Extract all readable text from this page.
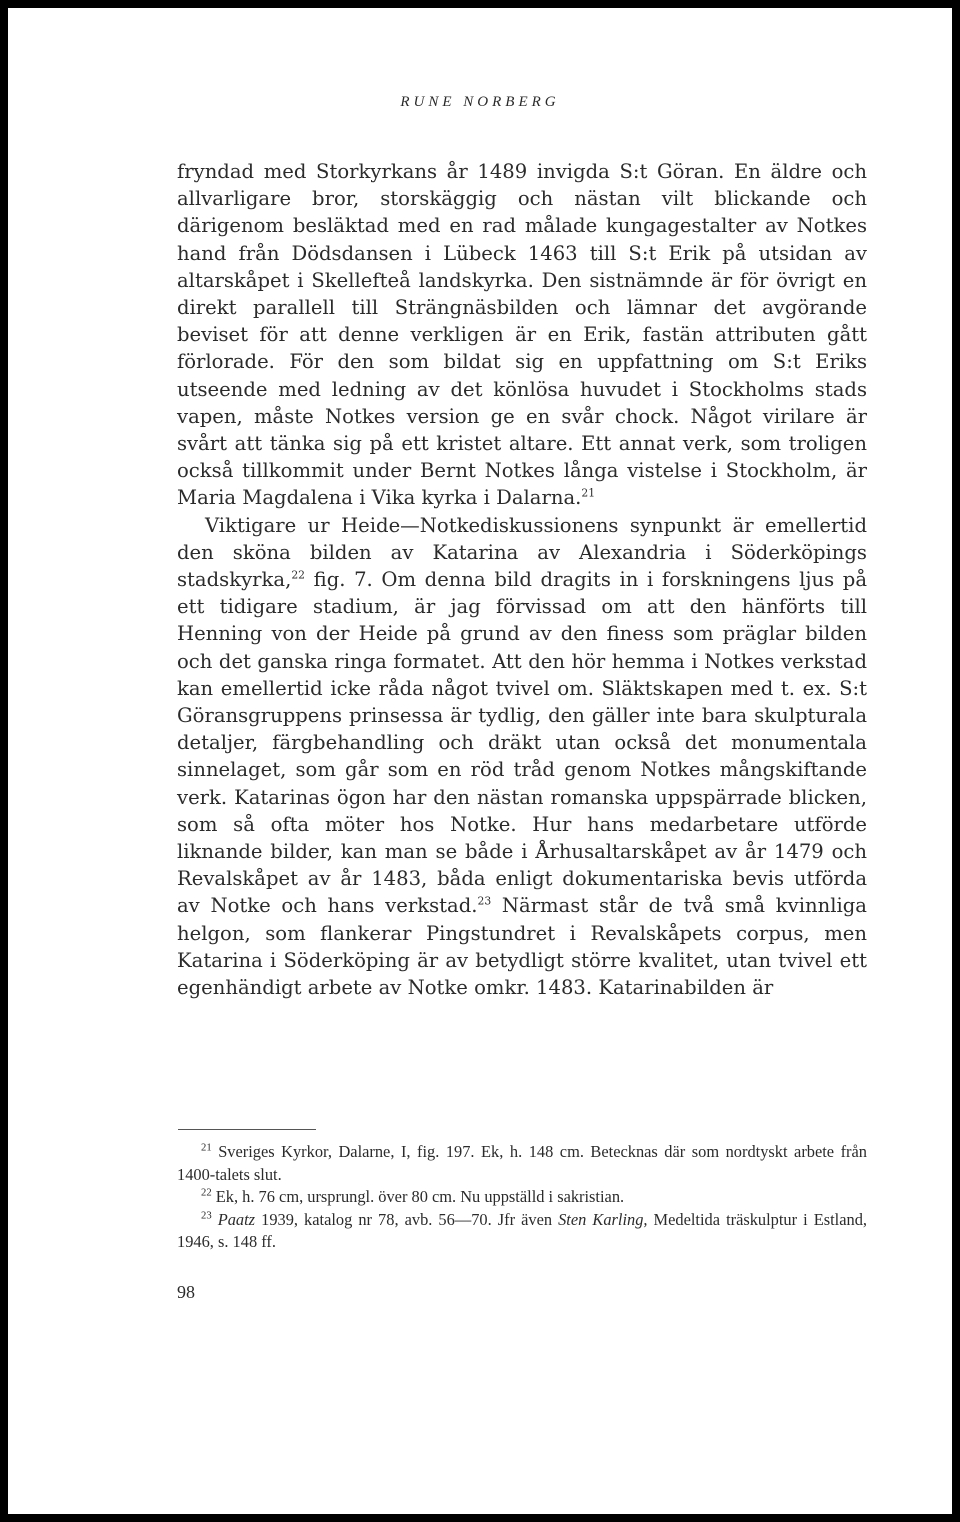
RUNE NORBERG

fryndad med Storkyrkans år 1489 invigda S:t Göran. En äldre och allvarligare bror, storskäggig och nästan vilt blickande och därigenom besläktad med en rad målade kungagestalter av Notkes hand från Dödsdansen i Lübeck 1463 till S:t Erik på utsidan av altarskåpet i Skellefteå landskyrka. Den sistnämnde är för övrigt en direkt parallell till Strängnäsbilden och lämnar det avgörande beviset för att denne verkligen är en Erik, fastän attributen gått förlorade. För den som bildat sig en uppfattning om S:t Eriks utseende med ledning av det könlösa huvudet i Stockholms stads vapen, måste Notkes version ge en svår chock. Något virilare är svårt att tänka sig på ett kristet altare. Ett annat verk, som troligen också tillkommit under Bernt Notkes långa vistelse i Stockholm, är Maria Magdalena i Vika kyrka i Dalarna.$^{21}$

Viktigare ur Heide—Notkediskussionens synpunkt är emellertid den sköna bilden av Katarina av Alexandria i Söderköpings stadskyrka,$^{22}$ fig. 7. Om denna bild dragits in i forskningens ljus på ett tidigare stadium, är jag förvissad om att den hänförts till Henning von der Heide på grund av den finess som präglar bilden och det ganska ringa formatet. Att den hör hemma i Notkes verkstad kan emellertid icke råda något tvivel om. Släktskapen med t. ex. S:t Göransgruppens prinsessa är tydlig, den gäller inte bara skulpturala detaljer, färgbehandling och dräkt utan också det monumentala sinnelaget, som går som en röd tråd genom Notkes mångskiftande verk. Katarinas ögon har den nästan romanska uppspärrade blicken, som så ofta möter hos Notke. Hur hans medarbetare utförde liknande bilder, kan man se både i Århusaltarskåpet av år 1479 och Revalskåpet av år 1483, båda enligt dokumentariska bevis utförda av Notke och hans verkstad.$^{23}$ Närmast står de två små kvinnliga helgon, som flankerar Pingstundret i Revalskåpets corpus, men Katarina i Söderköping är av betydligt större kvalitet, utan tvivel ett egenhändigt arbete av Notke omkr. 1483. Katarinabilden är

$^{21}$ Sveriges Kyrkor, Dalarne, I, fig. 197. Ek, h. 148 cm. Betecknas där som nordtyskt arbete från 1400-talets slut.

$^{22}$ Ek, h. 76 cm, ursprungl. över 80 cm. Nu uppställd i sakristian.

$^{23}$ Paatz 1939, katalog nr 78, avb. 56—70. Jfr även Sten Karling, Medeltida träskulptur i Estland, 1946, s. 148 ff.

98
